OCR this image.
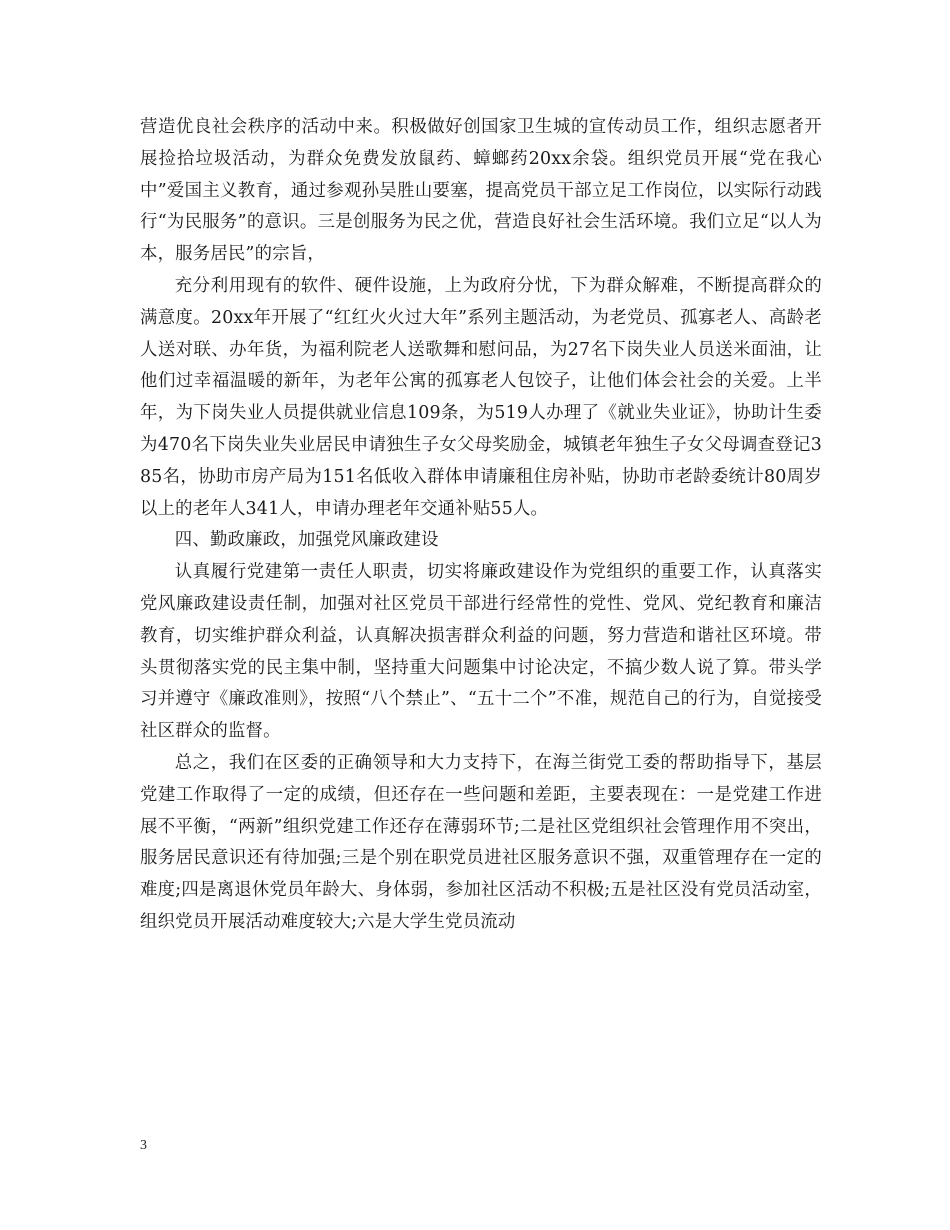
营造优良社会秩序的活动中来。积极做好创国家卫生城的宣传动员工作，组织志愿者开展捡拾垃圾活动，为群众免费发放鼠药、蟑螂药20xx余袋。组织党员开展“党在我心中”爱国主义教育，通过参观孙吴胜山要塞，提高党员干部立足工作岗位，以实际行动践行“为民服务”的意识。三是创服务为民之优，营造良好社会生活环境。我们立足“以人为本，服务居民”的宗旨，

充分利用现有的软件、硬件设施，上为政府分忧，下为群众解难，不断提高群众的满意度。20xx年开展了“红红火火过大年”系列主题活动，为老党员、孤寡老人、高龄老人送对联、办年货，为福利院老人送歌舞和慰问品，为27名下岗失业人员送米面油，让他们过幸福温暖的新年，为老年公寓的孤寡老人包饺子，让他们体会社会的关爱。上半年，为下岗失业人员提供就业信息109条，为519人办理了《就业失业证》，协助计生委为470名下岗失业失业居民申请独生子女父母奖励金，城镇老年独生子女父母调查登记385名，协助市房产局为151名低收入群体申请廉租住房补贴，协助市老龄委统计80周岁以上的老年人341人，申请办理老年交通补贴55人。

四、勤政廉政，加强党风廉政建设

认真履行党建第一责任人职责，切实将廉政建设作为党组织的重要工作，认真落实党风廉政建设责任制，加强对社区党员干部进行经常性的党性、党风、党纪教育和廉洁教育，切实维护群众利益，认真解决损害群众利益的问题，努力营造和谐社区环境。带头贯彻落实党的民主集中制，坚持重大问题集中讨论决定，不搞少数人说了算。带头学习并遵守《廉政准则》，按照“八个禁止”、“五十二个”不准，规范自己的行为，自觉接受社区群众的监督。

总之，我们在区委的正确领导和大力支持下，在海兰街党工委的帮助指导下，基层党建工作取得了一定的成绩，但还存在一些问题和差距，主要表现在：一是党建工作进展不平衡，“两新”组织党建工作还存在薄弱环节;二是社区党组织社会管理作用不突出，服务居民意识还有待加强;三是个别在职党员进社区服务意识不强，双重管理存在一定的难度;四是离退休党员年龄大、身体弱，参加社区活动不积极;五是社区没有党员活动室，组织党员开展活动难度较大;六是大学生党员流动

3
